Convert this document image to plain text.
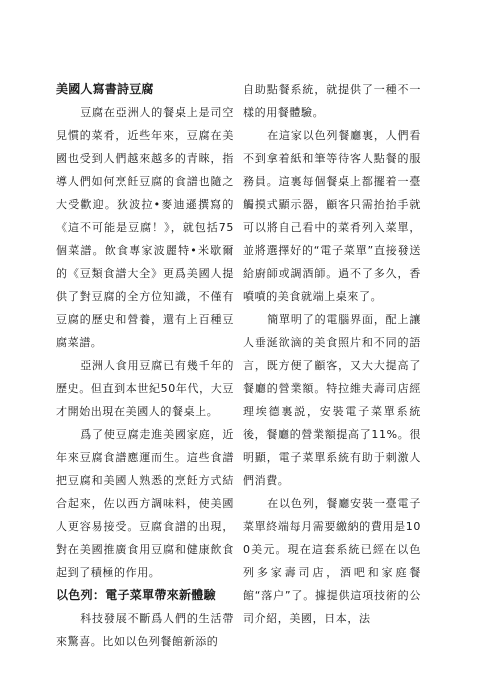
美國人寫書詩豆腐

豆腐在亞洲人的餐桌上是司空見慣的菜肴，近些年來，豆腐在美國也受到人們越來越多的青睞，指導人們如何烹飪豆腐的食譜也隨之大受歡迎。狄波拉•麥迪遜撰寫的《這不可能是豆腐！》，就包括75個菜譜。飲食專家波麗特•米歇爾的《豆類食譜大全》更爲美國人提供了對豆腐的全方位知識，不僅有豆腐的歷史和營養，還有上百種豆腐菜譜。

亞洲人食用豆腐已有幾千年的歷史。但直到本世紀50年代，大豆才開始出現在美國人的餐桌上。

爲了使豆腐走進美國家庭，近年來豆腐食譜應運而生。這些食譜把豆腐和美國人熟悉的烹飪方式結合起來，佐以西方調味料，使美國人更容易接受。豆腐食譜的出現，對在美國推廣食用豆腐和健康飲食起到了積極的作用。

以色列：電子菜單帶來新體驗

科技發展不斷爲人們的生活帶來驚喜。比如以色列餐館新添的

自助點餐系統，就提供了一種不一樣的用餐體驗。

在這家以色列餐廳裏，人們看不到拿着紙和筆等待客人點餐的服務員。這裏每個餐桌上都擺着一臺觸摸式顯示器，顧客只需抬抬手就可以將自己看中的菜肴列入菜單，並將選擇好的“電子菜單”直接發送給廚師或調酒師。過不了多久，香噴噴的美食就端上桌來了。

簡單明了的電腦界面，配上讓人垂涎欲滴的美食照片和不同的語言，既方便了顧客，又大大提高了餐廳的營業額。特拉維夫壽司店經理埃德裏説，安裝電子菜單系統後，餐廳的營業額提高了11%。很明顯，電子菜單系統有助于刺激人們消費。

在以色列，餐廳安裝一臺電子菜單終端每月需要繳納的費用是100美元。現在這套系統已經在以色列多家壽司店，酒吧和家庭餐館“落户”了。據提供這項技術的公司介紹，美國，日本，法
